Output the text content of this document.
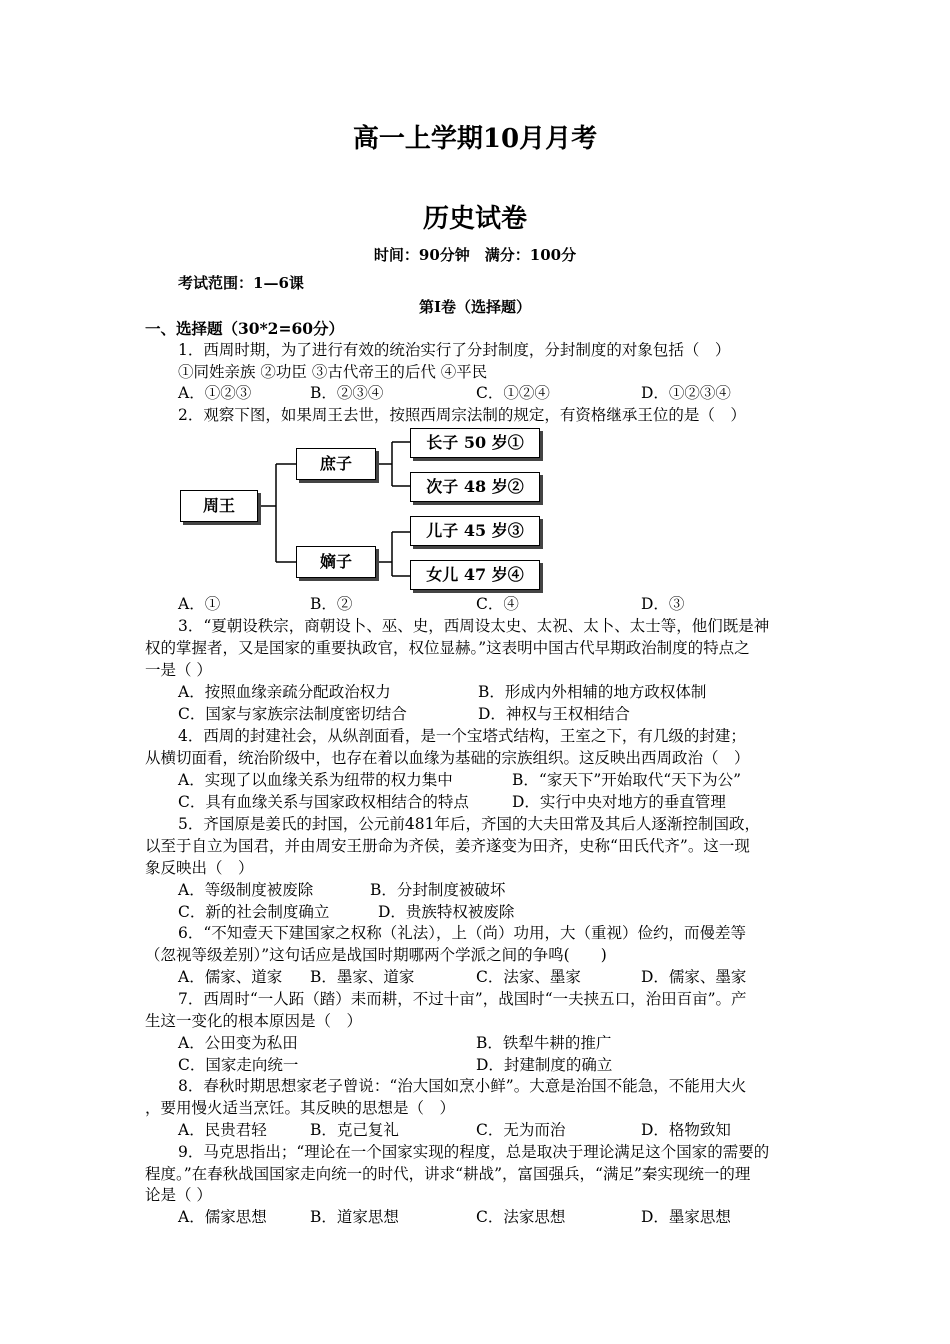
高一上学期10月月考
历史试卷
时间：90分钟　满分：100分
考试范围：1—6课
第Ⅰ卷（选择题）
一、选择题（30*2=60分）
1．西周时期，为了进行有效的统治实行了分封制度，分封制度的对象包括（　）
①同姓亲族 ②功臣 ③古代帝王的后代 ④平民
A．①②③	B．②③④	C．①②④	D．①②③④
2．观察下图，如果周王去世，按照西周宗法制的规定，有资格继承王位的是（　）
周王
庶子
嫡子
长子 50 岁①
次子 48 岁②
儿子 45 岁③
女儿 47 岁④
A．①	B．②	C．④	D．③
3．“夏朝设秩宗，商朝设卜、巫、史，西周设太史、太祝、太卜、太士等，他们既是神
权的掌握者，又是国家的重要执政官，权位显赫。”这表明中国古代早期政治制度的特点之
一是（ ）
A．按照血缘亲疏分配政治权力	B．形成内外相辅的地方政权体制
C．国家与家族宗法制度密切结合	D．神权与王权相结合
4．西周的封建社会，从纵剖面看，是一个宝塔式结构，王室之下，有几级的封建；
从横切面看，统治阶级中，也存在着以血缘为基础的宗族组织。这反映出西周政治（　）
A．实现了以血缘关系为纽带的权力集中	B．“家天下”开始取代“天下为公”
C．具有血缘关系与国家政权相结合的特点	D．实行中央对地方的垂直管理
5．齐国原是姜氏的封国，公元前481年后，齐国的大夫田常及其后人逐渐控制国政，
以至于自立为国君，并由周安王册命为齐侯，姜齐遂变为田齐，史称“田氏代齐”。这一现
象反映出（　）
A．等级制度被废除	B．分封制度被破坏
C．新的社会制度确立	D．贵族特权被废除
6．“不知壹天下建国家之权称（礼法），上（尚）功用，大（重视）俭约，而僈差等
（忽视等级差别）”这句话应是战国时期哪两个学派之间的争鸣(　　)
A．儒家、道家 B．墨家、道家	C．法家、墨家	D．儒家、墨家
7．西周时“一人跖（踏）耒而耕，不过十亩”，战国时“一夫挟五口，治田百亩”。产
生这一变化的根本原因是（　）
A．公田变为私田	B．铁犁牛耕的推广
C．国家走向统一	D．封建制度的确立
8．春秋时期思想家老子曾说：“治大国如烹小鲜”。大意是治国不能急，不能用大火
，要用慢火适当烹饪。其反映的思想是（　）
A．民贵君轻	B．克己复礼	C．无为而治	D．格物致知
9．马克思指出；“理论在一个国家实现的程度，总是取决于理论满足这个国家的需要的
程度。”在春秋战国国家走向统一的时代，讲求“耕战”，富国强兵，“满足”秦实现统一的理
论是（ ）
A．儒家思想	B．道家思想	C．法家思想	D．墨家思想
